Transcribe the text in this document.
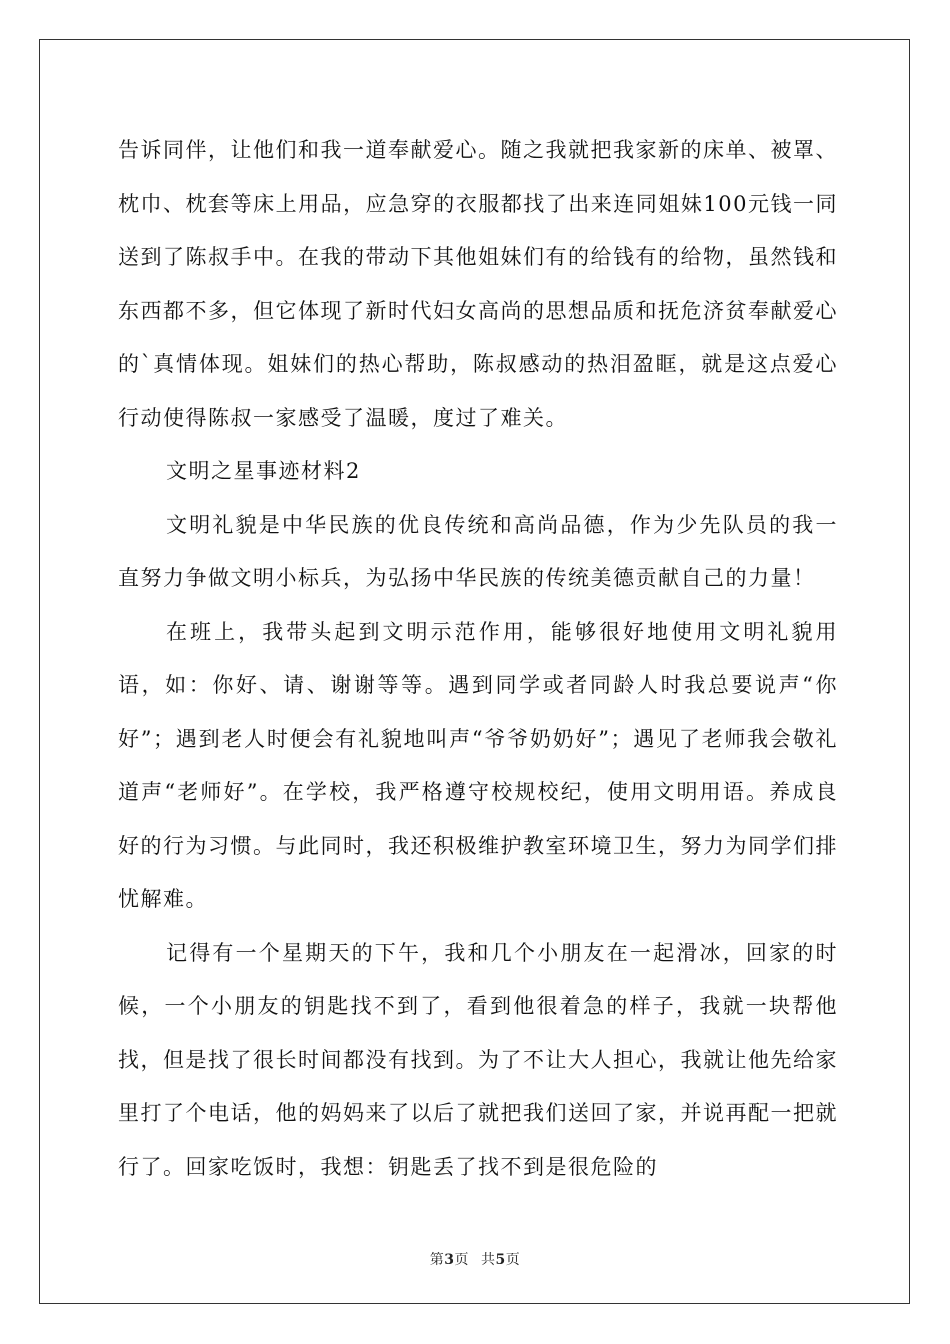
告诉同伴，让他们和我一道奉献爱心。随之我就把我家新的床单、被罩、枕巾、枕套等床上用品，应急穿的衣服都找了出来连同姐妹100元钱一同送到了陈叔手中。在我的带动下其他姐妹们有的给钱有的给物，虽然钱和东西都不多，但它体现了新时代妇女高尚的思想品质和抚危济贫奉献爱心的`真情体现。姐妹们的热心帮助，陈叔感动的热泪盈眶，就是这点爱心行动使得陈叔一家感受了温暖，度过了难关。

文明之星事迹材料2

文明礼貌是中华民族的优良传统和高尚品德，作为少先队员的我一直努力争做文明小标兵，为弘扬中华民族的传统美德贡献自己的力量！

在班上，我带头起到文明示范作用，能够很好地使用文明礼貌用语，如：你好、请、谢谢等等。遇到同学或者同龄人时我总要说声“你好”；遇到老人时便会有礼貌地叫声“爷爷奶奶好”；遇见了老师我会敬礼道声“老师好”。在学校，我严格遵守校规校纪，使用文明用语。养成良好的行为习惯。与此同时，我还积极维护教室环境卫生，努力为同学们排忧解难。

记得有一个星期天的下午，我和几个小朋友在一起滑冰，回家的时候，一个小朋友的钥匙找不到了，看到他很着急的样子，我就一块帮他找，但是找了很长时间都没有找到。为了不让大人担心，我就让他先给家里打了个电话，他的妈妈来了以后了就把我们送回了家，并说再配一把就行了。回家吃饭时，我想：钥匙丢了找不到是很危险的

第3页 共5页
